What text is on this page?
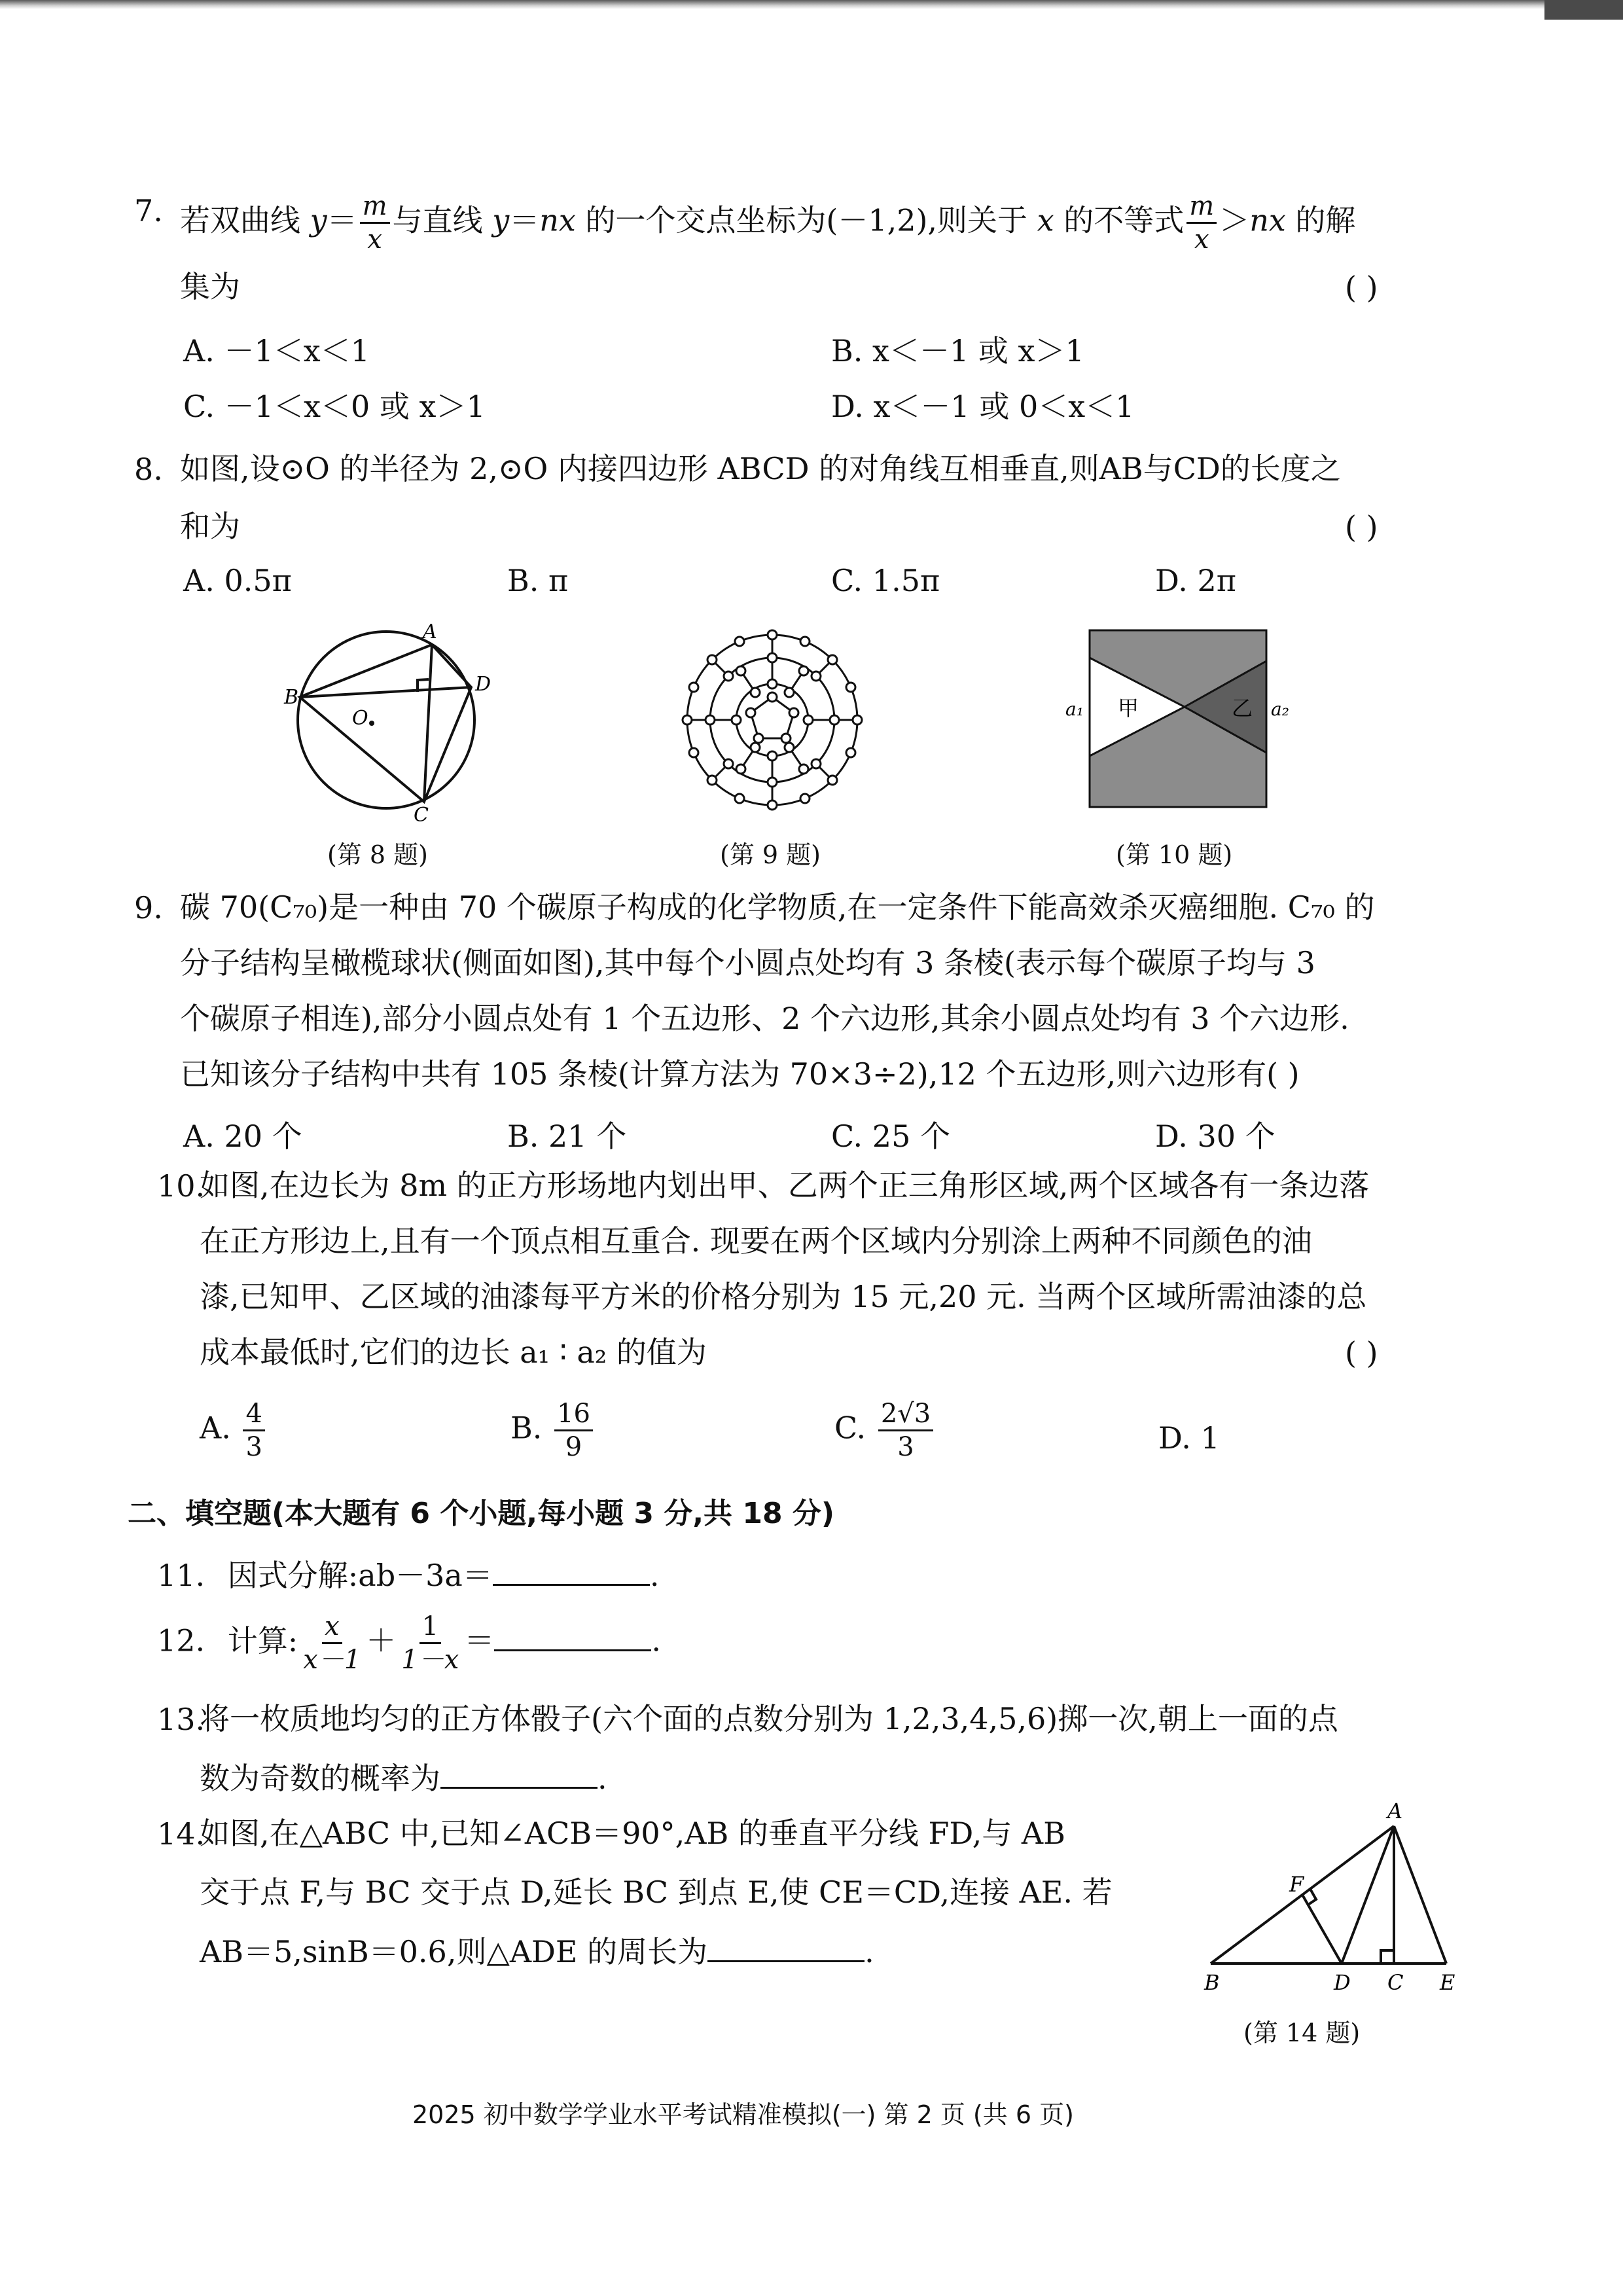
7. 若双曲线 $y= \frac{m}{x}$ 与直线 y＝nx 的一个交点坐标为(－1,2),则关于 x 的不等式 $\frac{m}{x} >nx$ 的解
集为	( )
A. －1＜x＜1	B. x＜－1 或 x＞1
C. －1＜x＜0 或 x＞1	D. x＜－1 或 0＜x＜1
8. 如图,设⊙O 的半径为 2,⊙O 内接四边形 ABCD 的对角线互相垂直,则AB与CD的长度之
和为	( )
A. 0.5π	B. π	C. 1.5π	D. 2π
A
B
C
D
O
(第 8 题)	(第 9 题)
a₁ 甲	乙 a₂
(第 10 题)
9. 碳 70(C₇₀)是一种由 70 个碳原子构成的化学物质,在一定条件下能高效杀灭癌细胞. C₇₀ 的
分子结构呈橄榄球状(侧面如图),其中每个小圆点处均有 3 条棱(表示每个碳原子均与 3
个碳原子相连),部分小圆点处有 1 个五边形、2 个六边形,其余小圆点处均有 3 个六边形.
已知该分子结构中共有 105 条棱(计算方法为 70×3÷2),12 个五边形,则六边形有( )
A. 20 个	B. 21 个	C. 25 个	D. 30 个
10.
如图,在边长为 8m 的正方形场地内划出甲、乙两个正三角形区域,两个区域各有一条边落
在正方形边上,且有一个顶点相互重合. 现要在两个区域内分别涂上两种不同颜色的油
漆,已知甲、乙区域的油漆每平方米的价格分别为 15 元,20 元. 当两个区域所需油漆的总
成本最低时,它们的边长 a₁ ∶ a₂ 的值为	( )
A. $\frac{4}{3}$	B. $\frac{16}{9}$	C. $\frac{2√3}{3}$	D. 1
二、填空题(本大题有 6 个小题,每小题 3 分,共 18 分)
11. 因式分解:ab－3a＝	.
12. 计算: $\frac{x}{x-1} + \frac{1}{1-x}$ ＝	.
13.
将一枚质地均匀的正方体骰子(六个面的点数分别为 1,2,3,4,5,6)掷一次,朝上一面的点
数为奇数的概率为	.
14.
如图,在△ABC 中,已知∠ACB＝90°,AB 的垂直平分线 FD,与 AB
交于点 F,与 BC 交于点 D,延长 BC 到点 E,使 CE＝CD,连接 AE. 若
AB＝5,sinB＝0.6,则△ADE 的周长为	.
A
F
B	D C E
(第 14 题)
2025 初中数学学业水平考试精准模拟(一) 第 2 页 (共 6 页)
